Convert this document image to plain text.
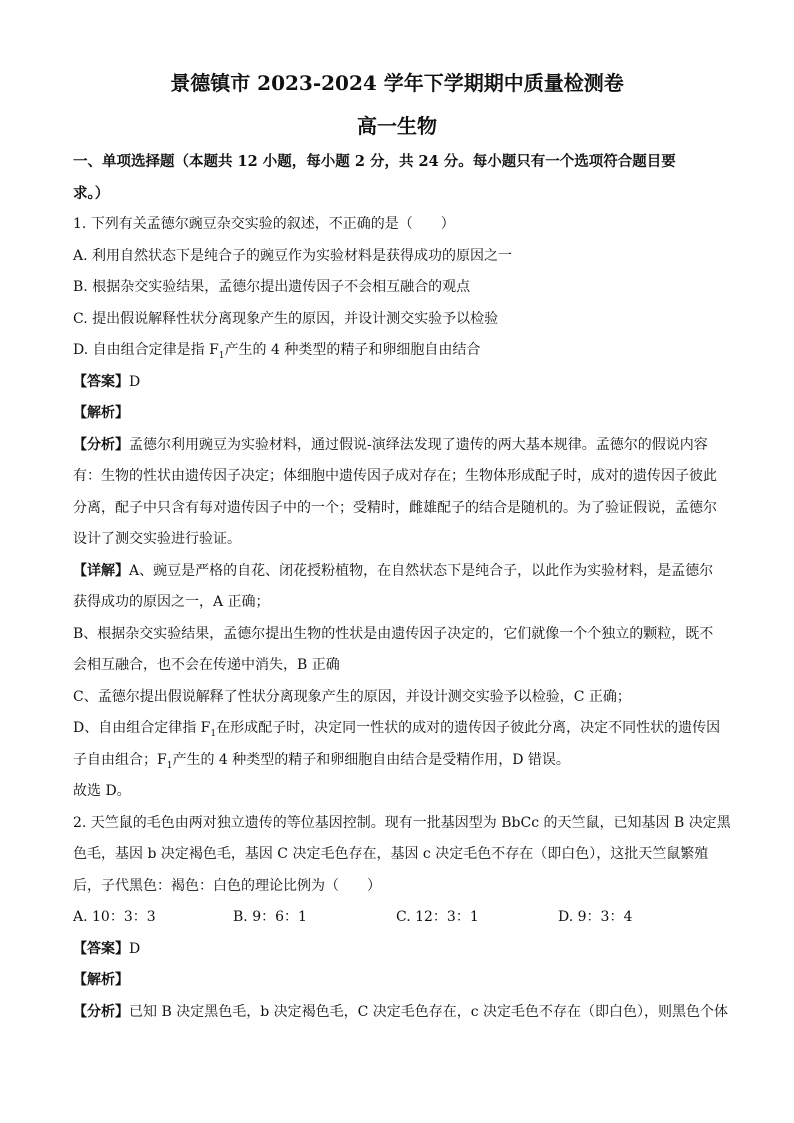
景德镇市 2023-2024 学年下学期期中质量检测卷
高一生物
一、单项选择题（本题共 12 小题，每小题 2 分，共 24 分。每小题只有一个选项符合题目要
求。）
1. 下列有关孟德尔豌豆杂交实验的叙述，不正确的是（　　）
A. 利用自然状态下是纯合子的豌豆作为实验材料是获得成功的原因之一
B. 根据杂交实验结果，孟德尔提出遗传因子不会相互融合的观点
C. 提出假说解释性状分离现象产生的原因，并设计测交实验予以检验
D. 自由组合定律是指 $F_1$产生的 4 种类型的精子和卵细胞自由结合
【答案】D
【解析】
【分析】孟德尔利用豌豆为实验材料，通过假说-演绎法发现了遗传的两大基本规律。孟德尔的假说内容
有：生物的性状由遗传因子决定；体细胞中遗传因子成对存在；生物体形成配子时，成对的遗传因子彼此
分离，配子中只含有每对遗传因子中的一个；受精时，雌雄配子的结合是随机的。为了验证假说，孟德尔
设计了测交实验进行验证。
【详解】A、豌豆是严格的自花、闭花授粉植物，在自然状态下是纯合子，以此作为实验材料，是孟德尔
获得成功的原因之一，A 正确；
B、根据杂交实验结果，孟德尔提出生物的性状是由遗传因子决定的，它们就像一个个独立的颗粒，既不
会相互融合，也不会在传递中消失，B 正确
C、孟德尔提出假说解释了性状分离现象产生的原因，并设计测交实验予以检验，C 正确；
D、自由组合定律指 $F_1$在形成配子时，决定同一性状的成对的遗传因子彼此分离，决定不同性状的遗传因
子自由组合；$F_1$产生的 4 种类型的精子和卵细胞自由结合是受精作用，D 错误。
故选 D。
2. 天竺鼠的毛色由两对独立遗传的等位基因控制。现有一批基因型为 BbCc 的天竺鼠，已知基因 B 决定黑
色毛，基因 b 决定褐色毛，基因 C 决定毛色存在，基因 c 决定毛色不存在（即白色），这批天竺鼠繁殖
后，子代黑色：褐色：白色的理论比例为（　　）
A. 10：3：3	B. 9：6：1	C. 12：3：1	D. 9：3：4
【答案】D
【解析】
【分析】已知 B 决定黑色毛，b 决定褐色毛，C 决定毛色存在，c 决定毛色不存在（即白色），则黑色个体
